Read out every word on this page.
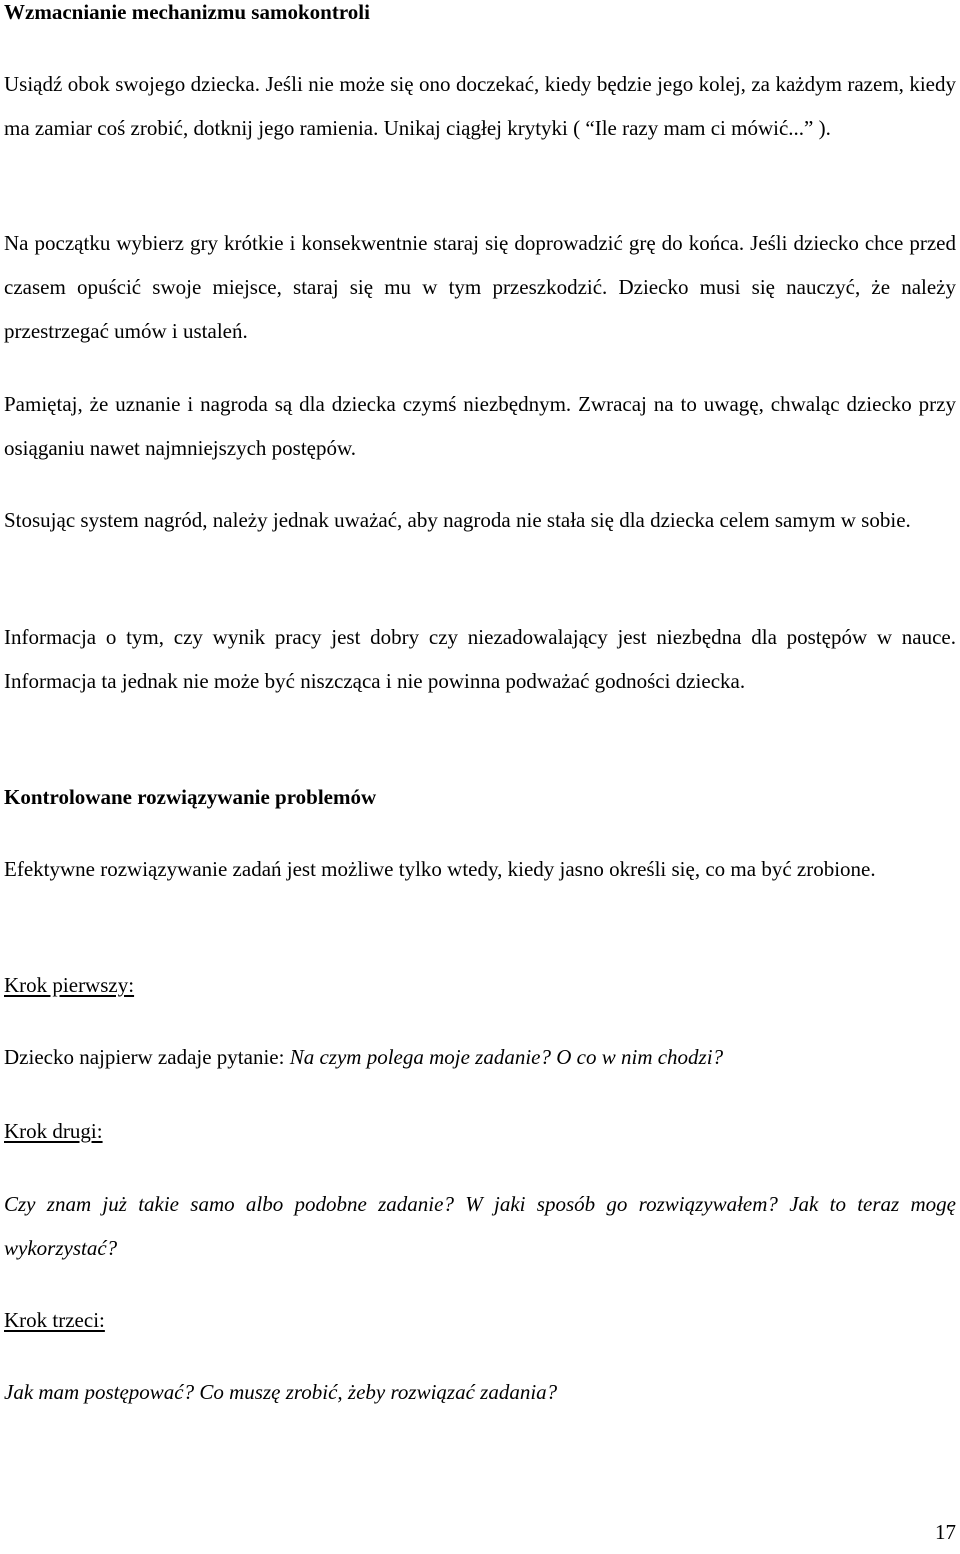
Wzmacnianie mechanizmu samokontroli

Usiądź obok swojego dziecka. Jeśli nie może się ono doczekać, kiedy będzie jego kolej, za każdym razem, kiedy ma zamiar coś zrobić, dotknij jego ramienia. Unikaj ciągłej krytyki ( “Ile razy mam ci mówić...” ).

Na początku wybierz gry krótkie i konsekwentnie staraj się doprowadzić grę do końca. Jeśli dziecko chce przed czasem opuścić swoje miejsce, staraj się mu w tym przeszkodzić. Dziecko musi się nauczyć, że należy przestrzegać umów i ustaleń.

Pamiętaj, że uznanie i nagroda są dla dziecka czymś niezbędnym. Zwracaj na to uwagę, chwaląc dziecko przy osiąganiu nawet najmniejszych postępów.

Stosując system nagród, należy jednak uważać, aby nagroda nie stała się dla dziecka celem samym w sobie.

Informacja o tym, czy wynik pracy jest dobry czy niezadowalający jest niezbędna dla postępów w nauce. Informacja ta jednak nie może być niszcząca i nie powinna podważać godności dziecka.

Kontrolowane rozwiązywanie problemów

Efektywne rozwiązywanie zadań jest możliwe tylko wtedy, kiedy jasno określi się, co ma być zrobione.

Krok pierwszy:

Dziecko najpierw zadaje pytanie: Na czym polega moje zadanie? O co w nim chodzi?

Krok drugi:

Czy znam już takie samo albo podobne zadanie? W jaki sposób go rozwiązywałem? Jak to teraz mogę wykorzystać?

Krok trzeci:

Jak mam postępować? Co muszę zrobić, żeby rozwiązać zadania?

17
